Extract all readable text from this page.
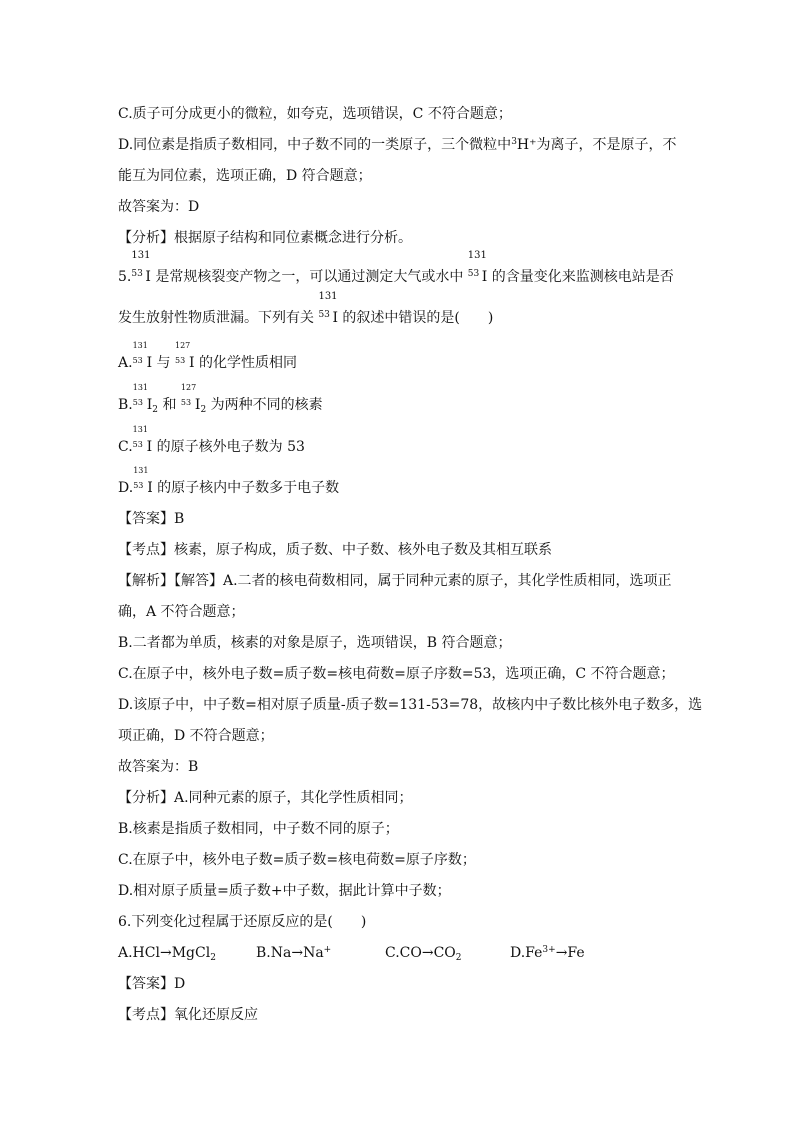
C.质子可分成更小的微粒，如夸克，选项错误，C 不符合题意；
D.同位素是指质子数相同，中子数不同的一类原子，三个微粒中$^3$H⁺为离子，不是原子，不
能互为同位素，选项正确，D 符合题意；
故答案为：D
【分析】根据原子结构和同位素概念进行分析。
5.
131
53 I 是常规核裂变产物之一，可以通过测定大气或水中
131
53 I 的含量变化来监测核电站是否
发生放射性物质泄漏。下列有关
131
53 I 的叙述中错误的是(　　)
A.
131
53 I 与
127
53 I 的化学性质相同
B.
131
53 $I_2$ 和
127
53 $I_2$ 为两种不同的核素
C.
131
53 I 的原子核外电子数为 53
D.
131
53 I 的原子核内中子数多于电子数
【答案】B
【考点】核素，原子构成，质子数、中子数、核外电子数及其相互联系
【解析】【解答】A.二者的核电荷数相同，属于同种元素的原子，其化学性质相同，选项正
确，A 不符合题意；
B.二者都为单质，核素的对象是原子，选项错误，B 符合题意；
C.在原子中，核外电子数=质子数=核电荷数=原子序数=53，选项正确，C 不符合题意；
D.该原子中，中子数=相对原子质量-质子数=131-53=78，故核内中子数比核外电子数多，选
项正确，D 不符合题意；
故答案为：B
【分析】A.同种元素的原子，其化学性质相同；
B.核素是指质子数相同，中子数不同的原子；
C.在原子中，核外电子数=质子数=核电荷数=原子序数；
D.相对原子质量=质子数+中子数，据此计算中子数；
6.下列变化过程属于还原反应的是(　　)
A.HCl→MgCl$_2$	B.Na→Na+	$C.CO\to CO_2$	$D.Fe^{3+}\to Fe$
【答案】D
【考点】氧化还原反应
